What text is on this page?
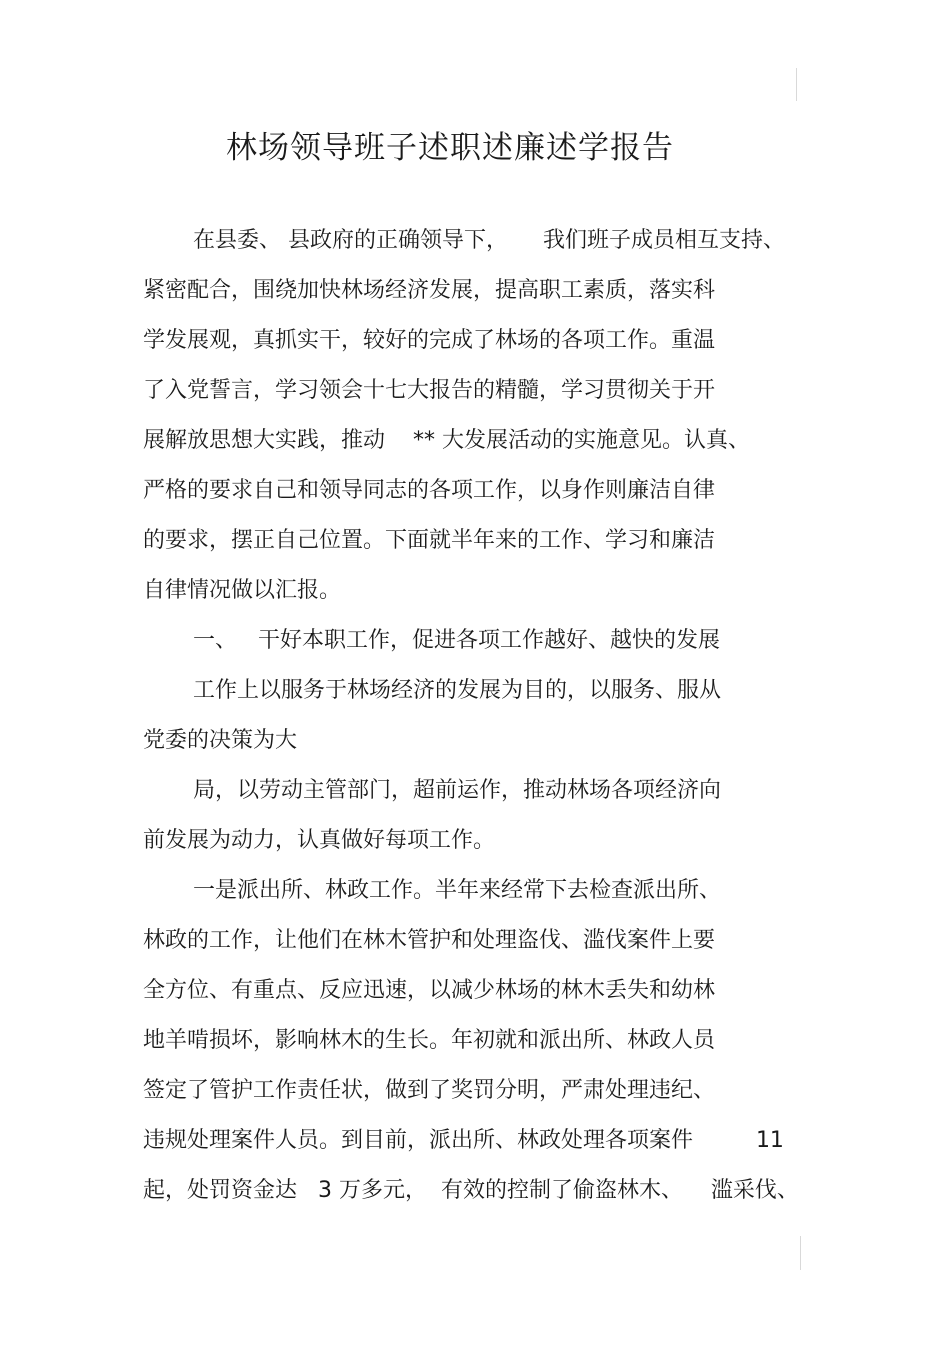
林场领导班子述职述廉述学报告

在县委、 县政府的正确领导下，     我们班子成员相互支持、

紧密配合，围绕加快林场经济发展，提高职工素质，落实科

学发展观，真抓实干，较好的完成了林场的各项工作。重温

了入党誓言，学习领会十七大报告的精髓，学习贯彻关于开

展解放思想大实践，推动    ** 大发展活动的实施意见。认真、

严格的要求自己和领导同志的各项工作，以身作则廉洁自律

的要求，摆正自己位置。下面就半年来的工作、学习和廉洁

自律情况做以汇报。

一、   干好本职工作，促进各项工作越好、越快的发展

工作上以服务于林场经济的发展为目的，以服务、服从

党委的决策为大

局，以劳动主管部门，超前运作，推动林场各项经济向

前发展为动力，认真做好每项工作。

一是派出所、林政工作。半年来经常下去检查派出所、

林政的工作，让他们在林木管护和处理盗伐、滥伐案件上要

全方位、有重点、反应迅速，以减少林场的林木丢失和幼林

地羊啃损坏，影响林木的生长。年初就和派出所、林政人员

签定了管护工作责任状，做到了奖罚分明，严肃处理违纪、

违规处理案件人员。到目前，派出所、林政处理各项案件         11

起，处罚资金达   3 万多元，  有效的控制了偷盗林木、    滥采伐、
